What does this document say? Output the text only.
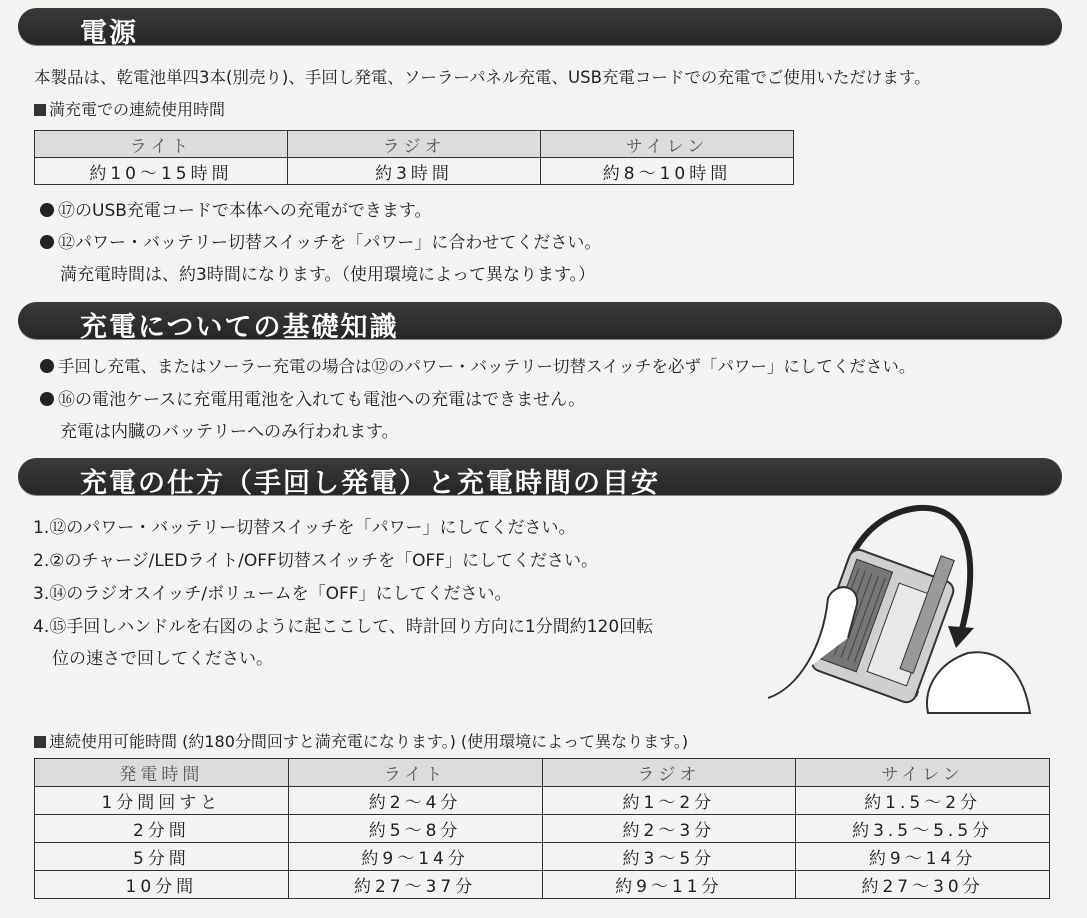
電源
本製品は、乾電池単四3本(別売り)、手回し発電、ソーラーパネル充電、USB充電コードでの充電でご使用いただけます。
満充電での連続使用時間
ライト	ラジオ	サイレン
約10～15時間	約3時間	約8～10時間
⑰のUSB充電コードで本体への充電ができます。
⑫パワー・バッテリー切替スイッチを「パワー」に合わせてください。
満充電時間は、約3時間になります。（使用環境によって異なります。）
充電についての基礎知識
手回し充電、またはソーラー充電の場合は⑫のパワー・バッテリー切替スイッチを必ず「パワー」にしてください。
⑯の電池ケースに充電用電池を入れても電池への充電はできません。
充電は内臓のバッテリーへのみ行われます。
充電の仕方（手回し発電）と充電時間の目安
1.⑫のパワー・バッテリー切替スイッチを「パワー」にしてください。
2.②のチャージ/LEDライト/OFF切替スイッチを「OFF」にしてください。
3.⑭のラジオスイッチ/ボリュームを「OFF」にしてください。
4.⑮手回しハンドルを右図のように起ここして、時計回り方向に1分間約120回転
位の速さで回してください。
連続使用可能時間 (約180分間回すと満充電になります。) (使用環境によって異なります。)
発電時間	ライト	ラジオ	サイレン
1分間回すと	約2～4分	約1～2分	約1.5～2分
2分間	約5～8分	約2～3分	約3.5～5.5分
5分間	約9～14分	約3～5分	約9～14分
10分間	約27～37分	約9～11分	約27～30分
